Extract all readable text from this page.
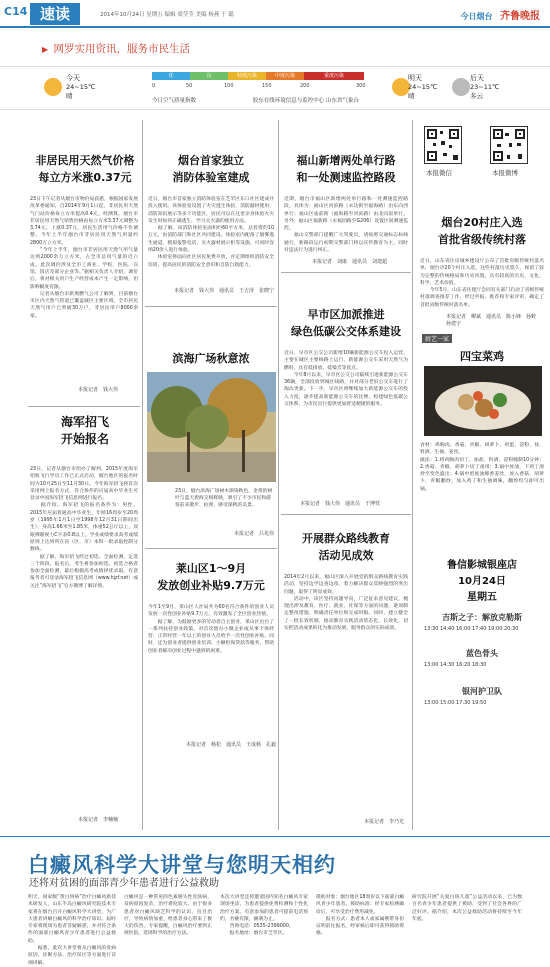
C14 速读	2014年10月24日 星期五 编辑 梁莹莹 美编 杨燕 于 聪	今日烟台 齐鲁晚报
▶ 网罗实用资讯，服务市民生活
今天
24~15℃
晴
优	良	轻度污染	中度污染	重度污染
0	50	100	150	200	300
今日空气质量指数	胶东在线环境信息与监控中心 山东省气象台
明天
24~15℃
晴
后天
23~11℃
多云
非居民用天然气价格
每立方米涨0.37元
23日下午记者从烟台市物价局获悉，根据国家发展改革委通知，自2014年9月1日起，非居民用天然气门站价格每立方米提高0.4元。经测算，烟台市非居民用天然气销售价格由每立方米3.37元调整为3.74元，上涨0.37元，居民生活用气价格不作调整。今年上半年烟台市非居民用天然气用量约2800万立方米。
　　“今年上半年，烟台市非居民用天然气用气量达到2000余万立方米，占全市总用气量的近六成。此次调价涉及全市工商业、学校、医院、宾馆、饭店及部分企业等。”据相关负责人介绍，调价后，将对相关用户生产经营成本产生一定影响，但影响幅度有限。
　　记者从烟台市新奥燃气公司了解到，目前烟台市区内天然气管道已覆盖城区主要区域，全市居民天然气用户已突破30万户，非居民用户8000余家。
本报记者　钱大伟
海军招飞
开始报名
23日，记者从烟台市招办了解到，2015年度海军招收飞行学员工作已正式启动，烟台地区的报名时间为10月25日至11月30日。今年海军招飞将首次采用网上报名方式，符合条件的应届高中毕业生可登录中国海军招飞信息网进行报名。
　　据介绍，海军招飞的报名条件为：男性，2015年应届普通高中毕业生，年龄16周岁至20周岁（1995年1月1日至1998年12月31日期间出生），身高1.66米至1.85米，体重52公斤以上，双眼裸眼视力C字表0.8以上。学业成绩要求高考成绩原则上达到所在省（区、市）本科一批录取控制分数线。
　　据了解，海军招飞经过初选、全面检测、定选三个阶段。报名后，考生将参加初选，初选合格者参加全面检测，最后根据高考成绩择优录取。有意报考者可登录海军招飞信息网（www.hjzf.net）或关注“海军招飞”官方微博了解详情。
本报记者　李楠楠
烟台首家独立
消防体验室建成
近日，烟台市首家独立消防体验室在芝罘区东口社区建成并投入使用。该体验室设置了火灾逃生体验、消防器材使用、消防知识展示等多个功能区，居民可以在这里亲身体验火灾发生时如何正确逃生，学习灭火器的使用方法。
　　据了解，该消防体验室面积约60平方米，总投资约10万元，由消防部门和社区共同建设。体验室内配备了烟雾逃生通道、模拟报警电话、灭火器材展示柜等设施，可同时容纳20余人进行体验。
　　体验室将面向社区居民免费开放，并定期组织消防安全培训，提高居民的消防安全意识和自防自救能力。
本报记者　钱大伟　通讯员　王吉泽　张晓宁
滨海广场秋意浓
23日，烟台滨海广场树木渐染秋色，金黄的树叶与蓝天碧海交相辉映，吸引了不少市民和游客前来散步、拍照，感受深秋的美景。
本报记者　吕兆伟
莱山区1～9月
发放创业补贴9.7万元
今年1至9月，莱山区人社局共为60名符合条件的创业人员发放一次性创业补贴9.7万元，有效激发了全区创业热情。
　　据了解，为鼓励更多的劳动者自主创业，莱山区出台了一系列扶持创业政策，对首次创办小微企业或从事个体经营、正常经营一年以上的创业人员给予一次性创业补贴。同时，还为创业者提供创业培训、小额担保贷款等服务，帮助创业者解决创业过程中遇到的困难。
本报记者　杨松　通讯员　王成杨　孔毅
福山新增两处单行路
和一处测速监控路段
近期，烟台市福山区新增两处单行路和一处测速监控路段。具体为：福山区河滨路（永达街至福海路）由东向西单行；福山区庙前街（福海路至河滨路）由北向南单行。另外，福山区福新路（永福园路至G206）设置区间测速监控。
　　福山交警部门提醒广大驾驶员，请按照交通标志标线通行，新路段运行初期交警部门将以宣传教育为主，同时对违法行为进行纠正。
本报记者　刘康　通讯员　刘建超
早市区加派推进
绿色低碳公交体系建设
近日，早市区公交公司新增10辆新能源公交车投入运营，主要在城区主要线路上运行。新能源公交车采用天然气为燃料，具有低排放、低噪音等优点。
　　今年8月以来，早市区公交公司陆续引进新能源公交车36辆，全部投放到城区线路，并对部分老旧公交车进行了淘汰更新。下一步，早市区将继续加大新能源公交车的投入力度，逐步提高新能源公交车的比例，构建绿色低碳公交体系，为市民出行提供更加舒适便捷的服务。
本报记者　钱大伟　通讯员　于博忱
开展群众路线教育
活动见成效
2014年2月以来，福山区深入开展党的群众路线教育实践活动，坚持边学边查边改，着力解决群众反映强烈的突出问题，取得了明显成效。
　　活动中，该区坚持问题导向，广泛征求意见建议，梳理出涉及教育、医疗、就业、社保等方面的问题，逐项制定整改措施，明确责任单位和完成时限。同时，建立健全了一批长效机制，推动教育实践活动常态化、长效化，切实把活动成果转化为推动发展、服务群众的实际成效。
本报记者　李乃光
本报微信	本报微博
烟台20村庄入选
首批省级传统村落
近日，山东省住房城乡建设厅公布了首批省级传统村落名单，烟台市20个村庄入选。这些村落历史悠久，保留了较为完整的传统格局和历史风貌，具有较高的历史、文化、科学、艺术价值。
　　今年5月，山东省住建厅会同有关部门启动了省级传统村落调查推荐工作，经过申报、推荐和专家评审，确定了首批省级传统村落名单。
本报记者　柳斌　通讯员　陈小锋　孙蛟　孙建宇
厨艺一家
四宝菜鸡
食材：鸡胸肉、香菇、青椒、胡萝卜、鸡蛋、淀粉、盐、料酒、生抽、姜丝。
做法：1.将鸡胸肉切丁，加盐、料酒、淀粉腌制10分钟；2.香菇、青椒、胡萝卜切丁备用；3.锅中放油，下鸡丁滑炒至变色盛出；4.锅中留底油爆香姜丝，放入香菇、胡萝卜、青椒翻炒，加入鸡丁和生抽调味，翻炒均匀即可出锅。
鲁信影城银座店
10月24日
星期五
吉斯之子：解放克勒斯
13:30 14:40 16:00 17:40 19:00 20:30
蓝色骨头
13:00 14:30 16:20 18:30
银河护卫队
13:00 15:00 17:30 19:50
白癜风科学大讲堂与您明天相约
还将对贫困的面部青少年患者进行公益救助
明天，国家级“黄白斑病”治疗白癜风新技术研发人，山东半岛白癜风研究院技术专家将在烟台召开白癜风科学大讲堂，为广大患者讲解白癜风的科学治疗知识。届时专家将现场为患者答疑解惑，并对符合条件的面部白癜风青少年患者进行公益救助。
　　据悉，此次大讲堂将从白癜风的发病原因、诊断方法、治疗误区等方面进行详细讲解。
白癜风是一种常见的色素脱失性皮肤病，发病原因复杂，治疗难度较大。由于很多患者对白癜风缺乏科学的认识，盲目治疗，导致病情加重，给患者身心带来了极大的伤害。专家提醒，白癜风治疗要到正规医院，选择科学的治疗方法。
本次大讲堂还将邀请国内知名白癜风专家现场坐诊，为患者提供免费检测和个性化治疗方案。有意参加的患者可提前电话预约，名额有限，额满为止。
　　咨询电话：0535-2399000。
　　报名地址：烟台市芝罘区。
援助对象：烟台地区18周岁以下面部白癜风青少年患者。援助标准：经专家检测确诊后，可享受治疗费用减免。
　　报名方式：患者本人或家属携带身份证明前往报名，经审核后即可获得援助资格。
研究院开展“关爱白斑儿童”公益活动以来，已为数百名青少年患者提供了援助，受到了社会各界的广泛好评。据介绍，本次公益救助活动将持续至今年年底。
